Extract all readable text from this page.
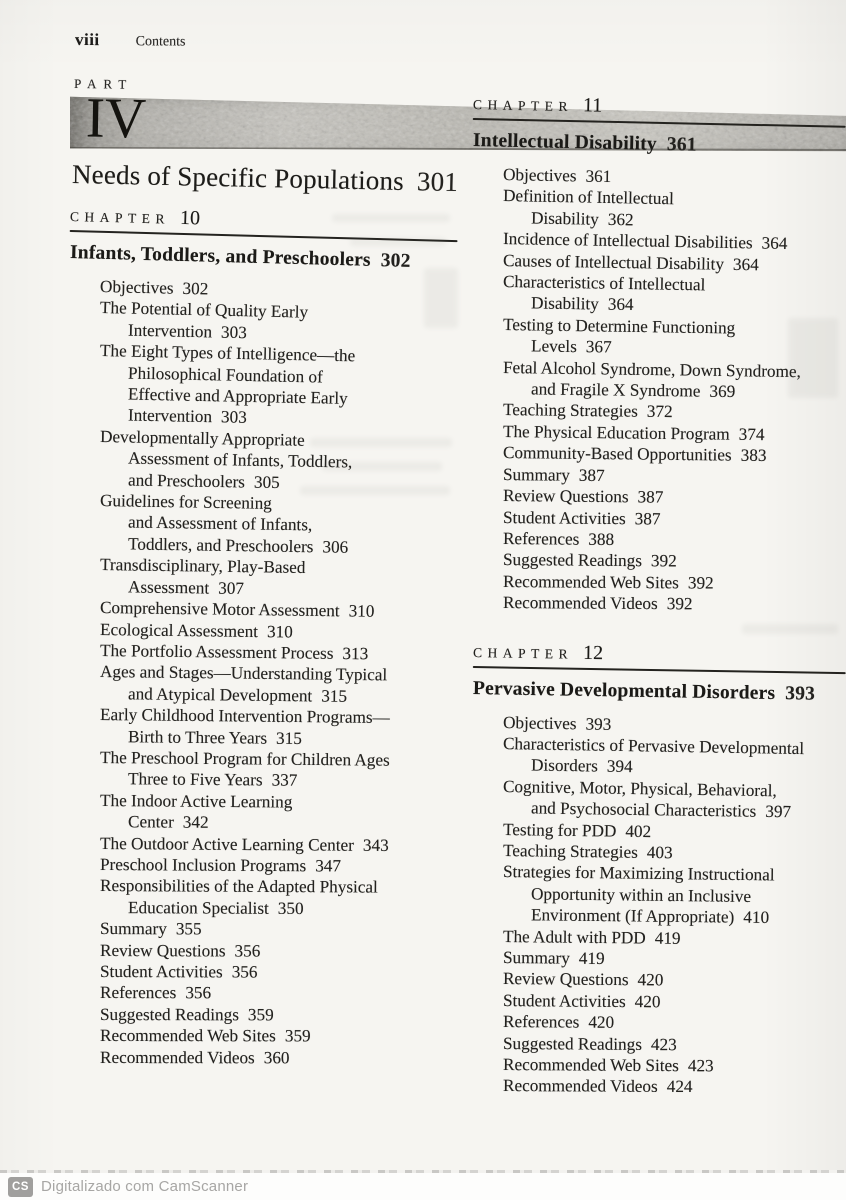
viii	Contents
PART
IV
Needs of Specific Populations 301
CHAPTER 10
Infants, Toddlers, and Preschoolers 302
Objectives 302
The Potential of Quality Early
Intervention 303
The Eight Types of Intelligence—the
Philosophical Foundation of
Effective and Appropriate Early
Intervention 303
Developmentally Appropriate
Assessment of Infants, Toddlers,
and Preschoolers 305
Guidelines for Screening
and Assessment of Infants,
Toddlers, and Preschoolers 306
Transdisciplinary, Play-Based
Assessment 307
Comprehensive Motor Assessment 310
Ecological Assessment 310
The Portfolio Assessment Process 313
Ages and Stages—Understanding Typical
and Atypical Development 315
Early Childhood Intervention Programs—
Birth to Three Years 315
The Preschool Program for Children Ages
Three to Five Years 337
The Indoor Active Learning
Center 342
The Outdoor Active Learning Center 343
Preschool Inclusion Programs 347
Responsibilities of the Adapted Physical
Education Specialist 350
Summary 355
Review Questions 356
Student Activities 356
References 356
Suggested Readings 359
Recommended Web Sites 359
Recommended Videos 360
CHAPTER 11
Intellectual Disability 361
Objectives 361
Definition of Intellectual
Disability 362
Incidence of Intellectual Disabilities 364
Causes of Intellectual Disability 364
Characteristics of Intellectual
Disability 364
Testing to Determine Functioning
Levels 367
Fetal Alcohol Syndrome, Down Syndrome,
and Fragile X Syndrome 369
Teaching Strategies 372
The Physical Education Program 374
Community-Based Opportunities 383
Summary 387
Review Questions 387
Student Activities 387
References 388
Suggested Readings 392
Recommended Web Sites 392
Recommended Videos 392
CHAPTER 12
Pervasive Developmental Disorders 393
Objectives 393
Characteristics of Pervasive Developmental
Disorders 394
Cognitive, Motor, Physical, Behavioral,
and Psychosocial Characteristics 397
Testing for PDD 402
Teaching Strategies 403
Strategies for Maximizing Instructional
Opportunity within an Inclusive
Environment (If Appropriate) 410
The Adult with PDD 419
Summary 419
Review Questions 420
Student Activities 420
References 420
Suggested Readings 423
Recommended Web Sites 423
Recommended Videos 424
CS Digitalizado com CamScanner
